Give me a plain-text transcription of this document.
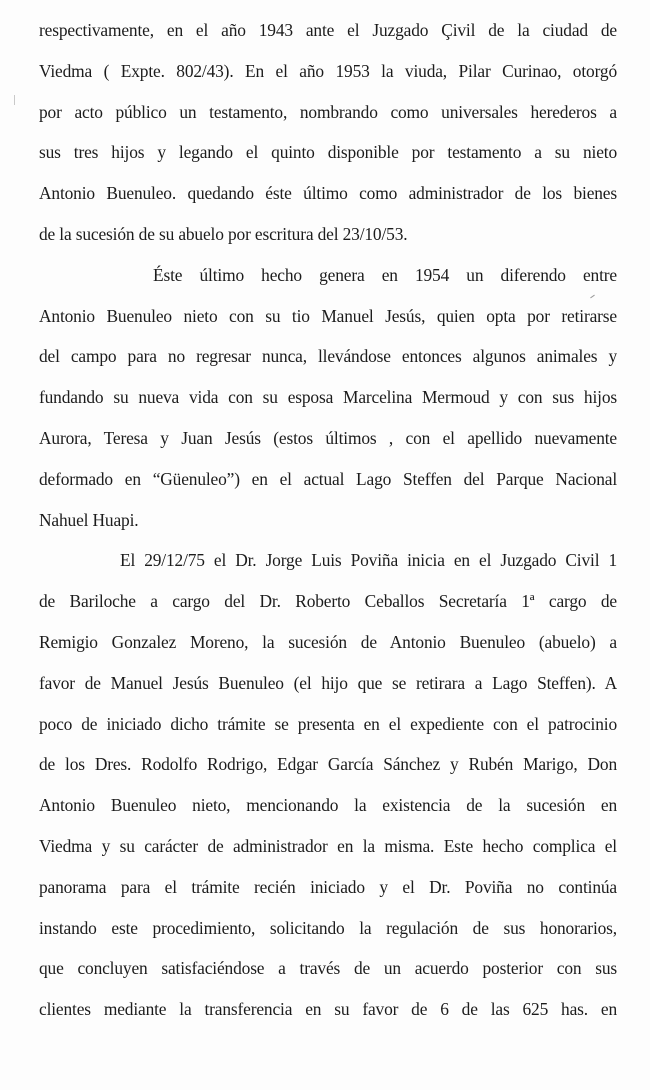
respectivamente, en el año 1943 ante el Juzgado Çivil de la ciudad de
Viedma ( Expte. 802/43). En el año 1953 la viuda, Pilar Curinao, otorgó
por acto público un testamento, nombrando como universales herederos a
sus tres hijos y legando el quinto disponible por testamento a su nieto
Antonio Buenuleo. quedando éste último como administrador de los bienes
de la sucesión de su abuelo por escritura del 23/10/53.
Éste último hecho genera en 1954 un diferendo entre
Antonio Buenuleo nieto con su tio Manuel Jesús, quien opta por retirarse
del campo para no regresar nunca, llevándose entonces algunos animales y
fundando su nueva vida con su esposa Marcelina Mermoud y con sus hijos
Aurora, Teresa y Juan Jesús (estos últimos , con el apellido nuevamente
deformado en “Güenuleo”) en el actual Lago Steffen del Parque Nacional
Nahuel Huapi.
El 29/12/75 el Dr. Jorge Luis Poviña inicia en el Juzgado Civil 1
de Bariloche a cargo del Dr. Roberto Ceballos Secretaría 1ª cargo de
Remigio Gonzalez Moreno, la sucesión de Antonio Buenuleo (abuelo) a
favor de Manuel Jesús Buenuleo (el hijo que se retirara a Lago Steffen). A
poco de iniciado dicho trámite se presenta en el expediente con el patrocinio
de los Dres. Rodolfo Rodrigo, Edgar García Sánchez y Rubén Marigo, Don
Antonio Buenuleo nieto, mencionando la existencia de la sucesión en
Viedma y su carácter de administrador en la misma. Este hecho complica el
panorama para el trámite recién iniciado y el Dr. Poviña no continúa
instando este procedimiento, solicitando la regulación de sus honorarios,
que concluyen satisfaciéndose a través de un acuerdo posterior con sus
clientes mediante la transferencia en su favor de 6 de las 625 has. en
